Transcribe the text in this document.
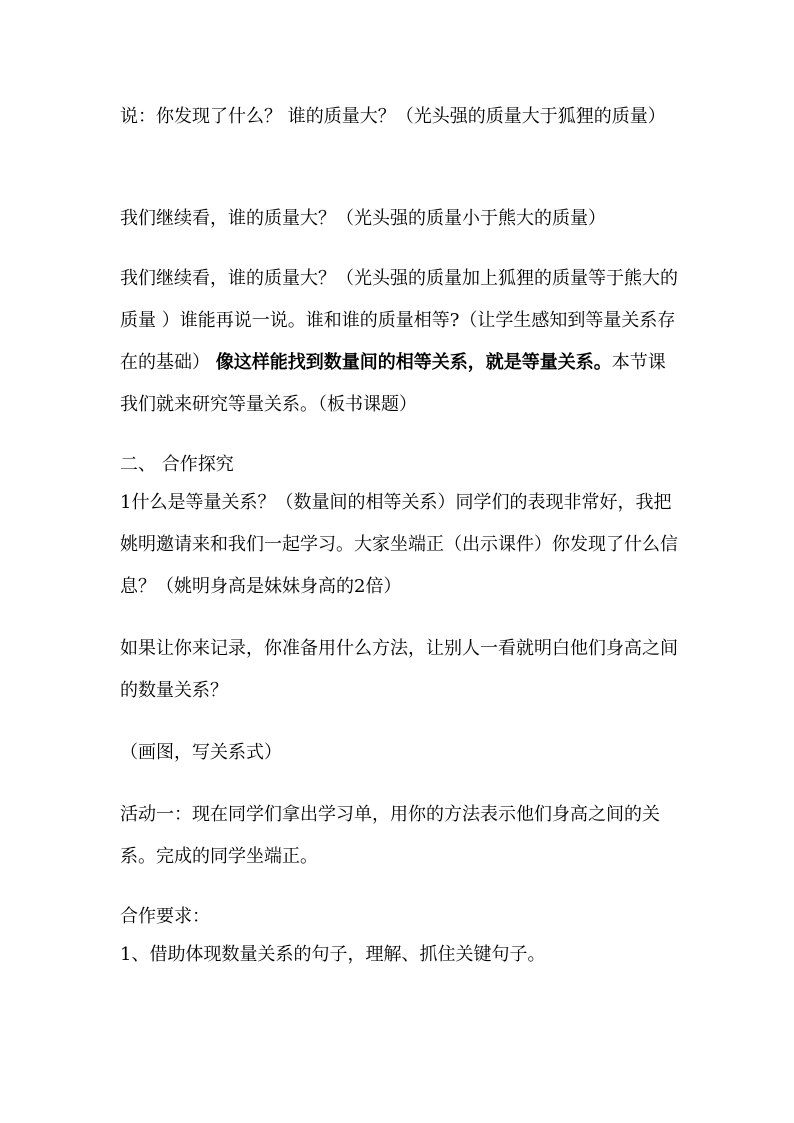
说：你发现了什么？ 谁的质量大？（光头强的质量大于狐狸的质量）

我们继续看，谁的质量大？（光头强的质量小于熊大的质量）

我们继续看，谁的质量大？（光头强的质量加上狐狸的质量等于熊大的质量 ）谁能再说一说。谁和谁的质量相等?（让学生感知到等量关系存在的基础） 像这样能找到数量间的相等关系，就是等量关系。本节课我们就来研究等量关系。（板书课题）

二、 合作探究

1什么是等量关系？（数量间的相等关系）同学们的表现非常好，我把姚明邀请来和我们一起学习。大家坐端正（出示课件）你发现了什么信息？（姚明身高是妹妹身高的2倍）

如果让你来记录，你准备用什么方法，让别人一看就明白他们身高之间的数量关系？

（画图，写关系式）

活动一：现在同学们拿出学习单，用你的方法表示他们身高之间的关系。完成的同学坐端正。

合作要求：

1、借助体现数量关系的句子，理解、抓住关键句子。
